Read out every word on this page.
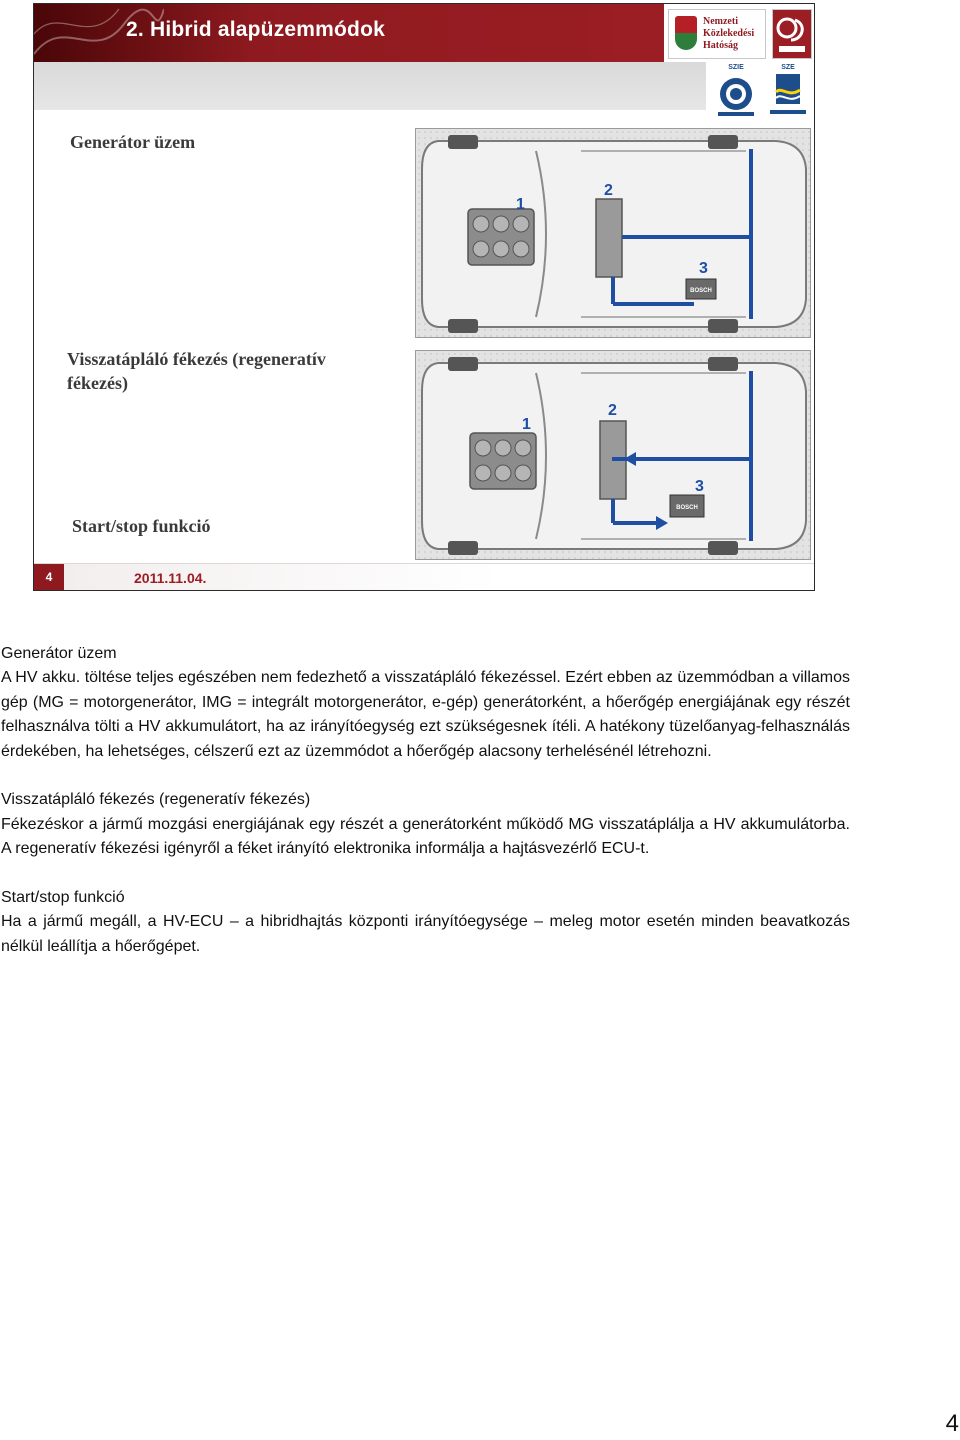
2. Hibrid alapüzemmódok	Nemzeti Közlekedési Hatóság
SZIE	SZE
Generátor üzem
Visszatápláló fékezés (regeneratív fékezés)
Start/stop funkció
BOSCH
1
2
3
BOSCH
1
2
3
4	2011.11.04.
Generátor üzem
A HV akku. töltése teljes egészében nem fedezhető a visszatápláló fékezéssel. Ezért ebben az üzemmódban a villamos gép (MG = motorgenerátor, IMG = integrált motorgenerátor, e-gép) generátorként, a hőerőgép energiájának egy részét felhasználva tölti a HV akkumulátort, ha az irányítóegység ezt szükségesnek ítéli. A hatékony tüzelőanyag-felhasználás érdekében, ha lehetséges, célszerű ezt az üzemmódot a hőerőgép alacsony terhelésénél létrehozni.
Visszatápláló fékezés (regeneratív fékezés)
Fékezéskor a jármű mozgási energiájának egy részét a generátorként működő MG visszatáplálja a HV akkumulátorba. A regeneratív fékezési igényről a féket irányító elektronika informálja a hajtásvezérlő ECU-t.
Start/stop funkció
Ha a jármű megáll, a HV-ECU – a hibridhajtás központi irányítóegysége – meleg motor esetén minden beavatkozás nélkül leállítja a hőerőgépet.
4
